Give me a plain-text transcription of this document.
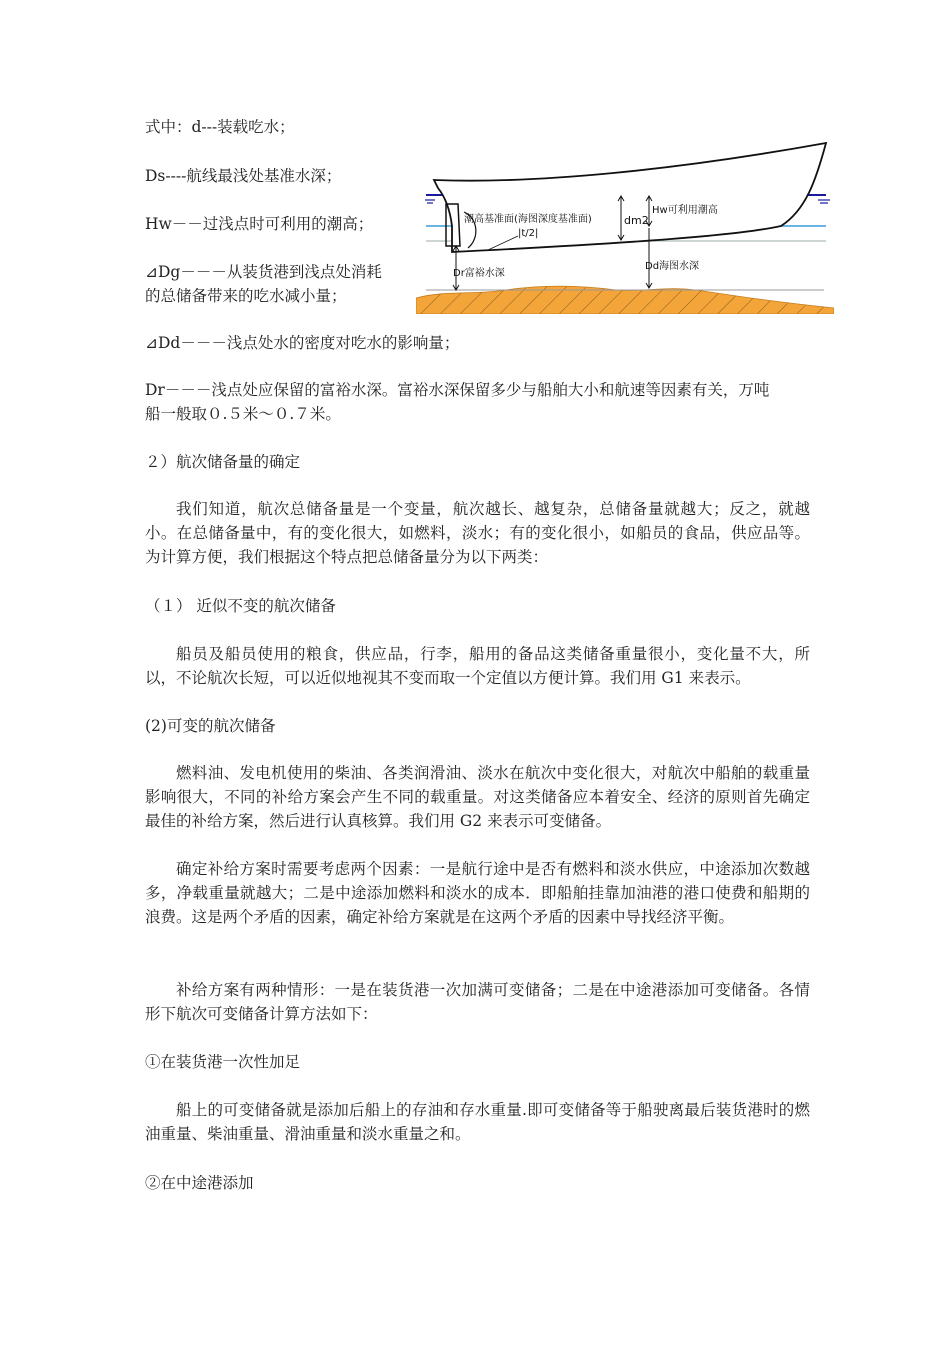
式中：d---装载吃水；
Ds----航线最浅处基准水深；
Hw－－过浅点时可利用的潮高；
⊿Dg－－－从装货港到浅点处消耗
的总储备带来的吃水减小量；
⊿Dd－－－浅点处水的密度对吃水的影响量；
Dr－－－浅点处应保留的富裕水深。富裕水深保留多少与船舶大小和航速等因素有关，万吨
船一般取０.５米～０.７米。
潮高基准面(海图深度基准面)	dm2
Hw可利用潮高
|t/2|
Dr富裕水深
Dd海图水深
２）航次储备量的确定

我们知道，航次总储备量是一个变量，航次越长、越复杂，总储备量就越大；反之，就越小。在总储备量中，有的变化很大，如燃料，淡水；有的变化很小，如船员的食品，供应品等。为计算方便，我们根据这个特点把总储备量分为以下两类：

（１） 近似不变的航次储备

船员及船员使用的粮食，供应品，行李，船用的备品这类储备重量很小，变化量不大，所以，不论航次长短，可以近似地视其不变而取一个定值以方便计算。我们用 G1 来表示。

(2)可变的航次储备

燃料油、发电机使用的柴油、各类润滑油、淡水在航次中变化很大，对航次中船舶的载重量影响很大，不同的补给方案会产生不同的载重量。对这类储备应本着安全、经济的原则首先确定最佳的补给方案，然后进行认真核算。我们用 G2 来表示可变储备。

确定补给方案时需要考虑两个因素：一是航行途中是否有燃料和淡水供应，中途添加次数越多，净载重量就越大；二是中途添加燃料和淡水的成本．即船舶挂靠加油港的港口使费和船期的浪费。这是两个矛盾的因素，确定补给方案就是在这两个矛盾的因素中导找经济平衡。

补给方案有两种情形：一是在装货港一次加满可变储备；二是在中途港添加可变储备。各情形下航次可变储备计算方法如下：

①在装货港一次性加足

船上的可变储备就是添加后船上的存油和存水重量.即可变储备等于船驶离最后装货港时的燃油重量、柴油重量、滑油重量和淡水重量之和。

②在中途港添加
